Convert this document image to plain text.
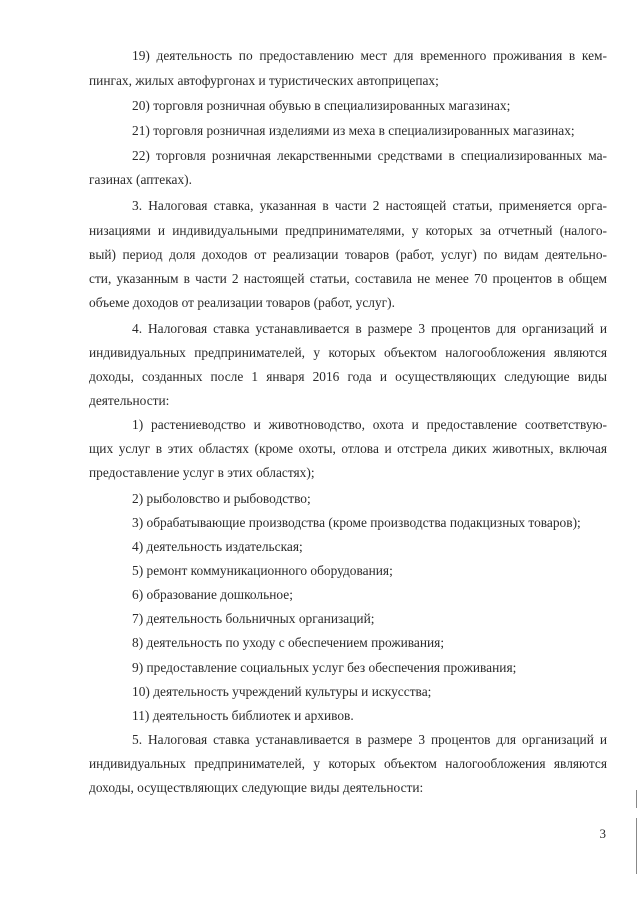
19) деятельность по предоставлению мест для временного проживания в кем-
пингах, жилых автофургонах и туристических автоприцепах;
20) торговля розничная обувью в специализированных магазинах;
21) торговля розничная изделиями из меха в специализированных магазинах;
22) торговля розничная лекарственными средствами в специализированных ма-
газинах (аптеках).
3. Налоговая ставка, указанная в части 2 настоящей статьи, применяется орга-
низациями и индивидуальными предпринимателями, у которых за отчетный (налого-
вый) период доля доходов от реализации товаров (работ, услуг) по видам деятельно-
сти, указанным в части 2 настоящей статьи, составила не менее 70 процентов в общем
объеме доходов от реализации товаров (работ, услуг).
4. Налоговая ставка устанавливается в размере 3 процентов для организаций и
индивидуальных предпринимателей, у которых объектом налогообложения являются
доходы, созданных после 1 января 2016 года и осуществляющих следующие виды
деятельности:
1) растениеводство и животноводство, охота и предоставление соответствую-
щих услуг в этих областях (кроме охоты, отлова и отстрела диких животных, включая
предоставление услуг в этих областях);
2) рыболовство и рыбоводство;
3) обрабатывающие производства (кроме производства подакцизных товаров);
4) деятельность издательская;
5) ремонт коммуникационного оборудования;
6) образование дошкольное;
7) деятельность больничных организаций;
8) деятельность по уходу с обеспечением проживания;
9) предоставление социальных услуг без обеспечения проживания;
10) деятельность учреждений культуры и искусства;
11) деятельность библиотек и архивов.
5. Налоговая ставка устанавливается в размере 3 процентов для организаций и
индивидуальных предпринимателей, у которых объектом налогообложения являются
доходы, осуществляющих следующие виды деятельности:
3
